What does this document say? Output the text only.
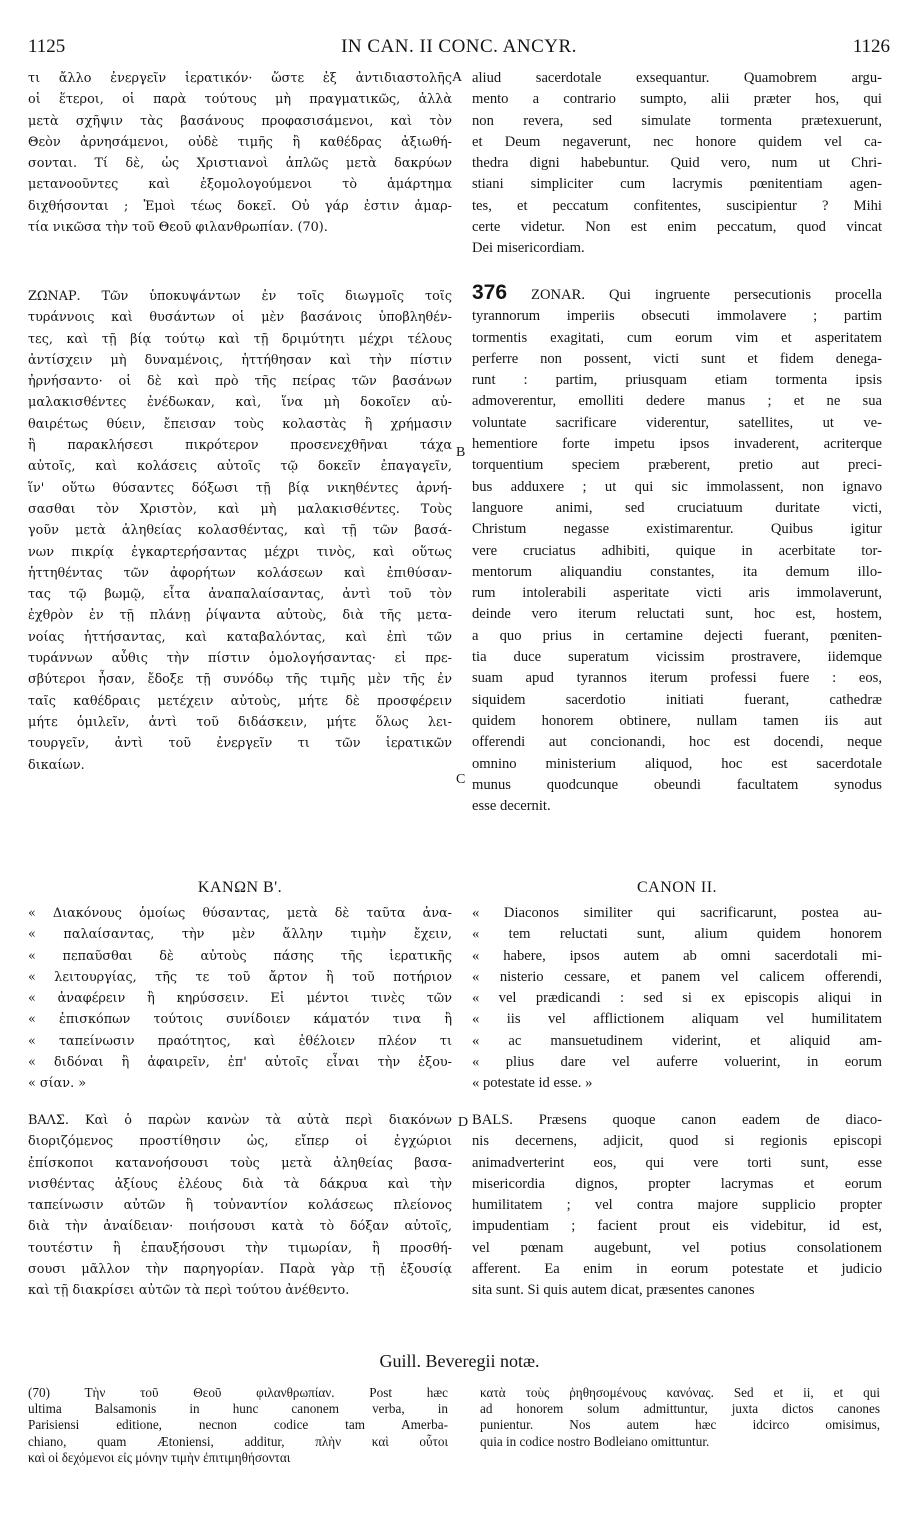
1125	IN CAN. II CONC. ANCYR.	1126
A
B
C
D
τι ἄλλο ἐνεργεῖν ἱερατικόν· ὥστε ἐξ ἀντιδιαστολῆς
οἱ ἕτεροι, οἱ παρὰ τούτους μὴ πραγματικῶς, ἀλλὰ
μετὰ σχῆψιν τὰς βασάνους προφασισάμενοι, καὶ τὸν
Θεὸν ἀρνησάμενοι, οὐδὲ τιμῆς ἢ καθέδρας ἀξιωθή-
σονται. Τί δὲ, ὡς Χριστιανοὶ ἁπλῶς μετὰ δακρύων
μετανοοῦντες καὶ ἐξομολογούμενοι τὸ ἁμάρτημα
διχθήσονται ; Ἐμοὶ τέως δοκεῖ. Οὐ γάρ ἐστιν ἁμαρ-
τία νικῶσα τὴν τοῦ Θεοῦ φιλανθρωπίαν. (70).
aliud sacerdotale exsequantur. Quamobrem argu-
mento a contrario sumpto, alii præter hos, qui
non revera, sed simulate tormenta prætexuerunt,
et Deum negaverunt, nec honore quidem vel ca-
thedra digni habebuntur. Quid vero, num ut Chri-
stiani simpliciter cum lacrymis pœnitentiam agen-
tes, et peccatum confitentes, suscipientur ? Mihi
certe videtur. Non est enim peccatum, quod vincat
Dei misericordiam.
ΖΩΝΑΡ. Τῶν ὑποκυψάντων ἐν τοῖς διωγμοῖς τοῖς
τυράννοις καὶ θυσάντων οἱ μὲν βασάνοις ὑποβληθέν-
τες, καὶ τῇ βίᾳ τούτῳ καὶ τῇ δριμύτητι μέχρι τέλους
ἀντίσχειν μὴ δυναμένοις, ἡττήθησαν καὶ τὴν πίστιν
ἠρνήσαντο· οἱ δὲ καὶ πρὸ τῆς πείρας τῶν βασάνων
μαλακισθέντες ἐνέδωκαν, καὶ, ἵνα μὴ δοκοῖεν αὐ-
θαιρέτως θύειν, ἔπεισαν τοὺς κολαστὰς ἢ χρήμασιν
ἢ παρακλήσεσι πικρότερον προσενεχθῆναι τάχα
αὐτοῖς, καὶ κολάσεις αὐτοῖς τῷ δοκεῖν ἐπαγαγεῖν,
ἵν' οὕτω θύσαντες δόξωσι τῇ βίᾳ νικηθέντες ἀρνή-
σασθαι τὸν Χριστὸν, καὶ μὴ μαλακισθέντες. Τοὺς
γοῦν μετὰ ἀληθείας κολασθέντας, καὶ τῇ τῶν βασά-
νων πικρίᾳ ἐγκαρτερήσαντας μέχρι τινὸς, καὶ οὕτως
ἡττηθέντας τῶν ἀφορήτων κολάσεων καὶ ἐπιθύσαν-
τας τῷ βωμῷ, εἶτα ἀναπαλαίσαντας, ἀντὶ τοῦ τὸν
ἐχθρὸν ἐν τῇ πλάνῃ ῥίψαντα αὐτοὺς, διὰ τῆς μετα-
νοίας ἡττήσαντας, καὶ καταβαλόντας, καὶ ἐπὶ τῶν
τυράννων αὖθις τὴν πίστιν ὁμολογήσαντας· εἰ πρε-
σβύτεροι ἦσαν, ἔδοξε τῇ συνόδῳ τῆς τιμῆς μὲν τῆς ἐν
ταῖς καθέδραις μετέχειν αὐτοὺς, μήτε δὲ προσφέρειν
μήτε ὁμιλεῖν, ἀντὶ τοῦ διδάσκειν, μήτε ὅλως λει-
τουργεῖν, ἀντὶ τοῦ ἐνεργεῖν τι τῶν ἱερατικῶν
δικαίων.
376 ZONAR. Qui ingruente persecutionis procella
tyrannorum imperiis obsecuti immolavere ; partim
tormentis exagitati, cum eorum vim et asperitatem
perferre non possent, victi sunt et fidem denega-
runt : partim, priusquam etiam tormenta ipsis
admoverentur, emolliti dedere manus ; et ne sua
voluntate sacrificare viderentur, satellites, ut ve-
hementiore forte impetu ipsos invaderent, acriterque
torquentium speciem præberent, pretio aut preci-
bus adduxere ; ut qui sic immolassent, non ignavo
languore animi, sed cruciatuum duritate victi,
Christum negasse existimarentur. Quibus igitur
vere cruciatus adhibiti, quique in acerbitate tor-
mentorum aliquandiu constantes, ita demum illo-
rum intolerabili asperitate victi aris immolaverunt,
deinde vero iterum reluctati sunt, hoc est, hostem,
a quo prius in certamine dejecti fuerant, pœniten-
tia duce superatum vicissim prostravere, iidemque
suam apud tyrannos iterum professi fuere : eos,
siquidem sacerdotio initiati fuerant, cathedræ
quidem honorem obtinere, nullam tamen iis aut
offerendi aut concionandi, hoc est docendi, neque
omnino ministerium aliquod, hoc est sacerdotale
munus quodcunque obeundi facultatem synodus
esse decernit.
ΚΑΝΩΝ Β'.	CANON II.
« Διακόνους ὁμοίως θύσαντας, μετὰ δὲ ταῦτα ἀνα-
« παλαίσαντας, τὴν μὲν ἄλλην τιμὴν ἔχειν,
« πεπαῦσθαι δὲ αὐτοὺς πάσης τῆς ἱερατικῆς
« λειτουργίας, τῆς τε τοῦ ἄρτον ἢ τοῦ ποτήριον
« ἀναφέρειν ἢ κηρύσσειν. Εἰ μέντοι τινὲς τῶν
« ἐπισκόπων τούτοις συνίδοιεν κάματόν τινα ἢ
« ταπείνωσιν πραότητος, καὶ ἐθέλοιεν πλέον τι
« διδόναι ἢ ἀφαιρεῖν, ἐπ' αὐτοῖς εἶναι τὴν ἐξου-
« σίαν. »
« Diaconos similiter qui sacrificarunt, postea au-
« tem reluctati sunt, alium quidem honorem
« habere, ipsos autem ab omni sacerdotali mi-
« nisterio cessare, et panem vel calicem offerendi,
« vel prædicandi : sed si ex episcopis aliqui in
« iis vel afflictionem aliquam vel humilitatem
« ac mansuetudinem viderint, et aliquid am-
« plius dare vel auferre voluerint, in eorum
« potestate id esse. »
ΒΑΛΣ. Καὶ ὁ παρὼν κανὼν τὰ αὐτὰ περὶ διακόνων
διοριζόμενος προστίθησιν ὡς, εἴπερ οἱ ἐγχώριοι
ἐπίσκοποι κατανοήσουσι τοὺς μετὰ ἀληθείας βασα-
νισθέντας ἀξίους ἐλέους διὰ τὰ δάκρυα καὶ τὴν
ταπείνωσιν αὐτῶν ἢ τοὐναντίον κολάσεως πλείονος
διὰ τὴν ἀναίδειαν· ποιήσουσι κατὰ τὸ δόξαν αὐτοῖς,
τουτέστιν ἢ ἐπαυξήσουσι τὴν τιμωρίαν, ἢ προσθή-
σουσι μᾶλλον τὴν παρηγορίαν. Παρὰ γὰρ τῇ ἐξουσίᾳ
καὶ τῇ διακρίσει αὐτῶν τὰ περὶ τούτου ἀνέθεντο.
BALS. Præsens quoque canon eadem de diaco-
nis decernens, adjicit, quod si regionis episcopi
animadverterint eos, qui vere torti sunt, esse
misericordia dignos, propter lacrymas et eorum
humilitatem ; vel contra majore supplicio propter
impudentiam ; facient prout eis videbitur, id est,
vel pœnam augebunt, vel potius consolationem
afferent. Ea enim in eorum potestate et judicio
sita sunt. Si quis autem dicat, præsentes canones
Guill. Beveregii notæ.
(70) Τὴν τοῦ Θεοῦ φιλανθρωπίαν. Post hæc
ultima Balsamonis in hunc canonem verba, in
Parisiensi editione, necnon codice tam Amerba-
chiano, quam Ætoniensi, additur, πλὴν καὶ οὗτοι
καὶ οἱ δεχόμενοι εἰς μόνην τιμὴν ἐπιτιμηθήσονται
κατὰ τοὺς ῥηθησομένους κανόνας. Sed et ii, et qui
ad honorem solum admittuntur, juxta dictos canones
punientur. Nos autem hæc idcirco omisimus,
quia in codice nostro Bodleiano omittuntur.
